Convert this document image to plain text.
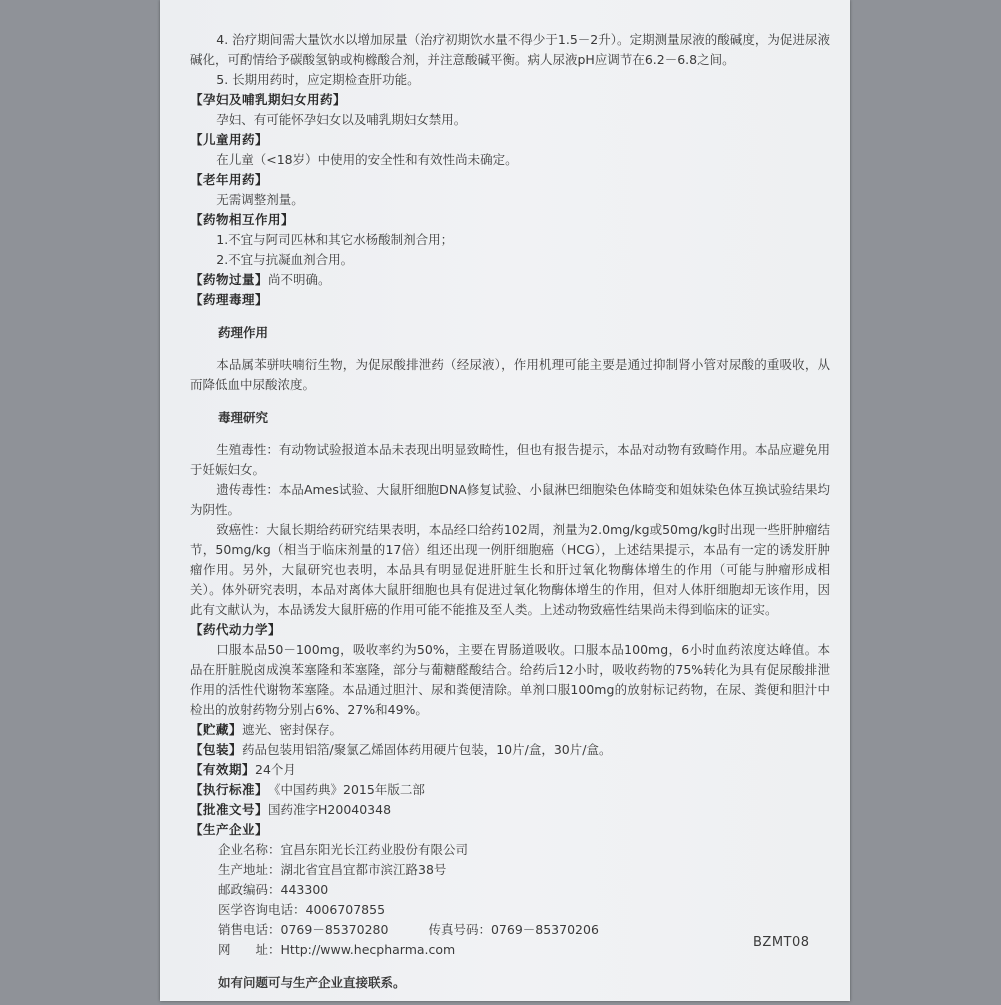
4. 治疗期间需大量饮水以增加尿量（治疗初期饮水量不得少于1.5－2升）。定期测量尿液的酸碱度，为促进尿液碱化，可酌情给予碳酸氢钠或枸橼酸合剂，并注意酸碱平衡。病人尿液pH应调节在6.2－6.8之间。

5. 长期用药时，应定期检查肝功能。

【孕妇及哺乳期妇女用药】

孕妇、有可能怀孕妇女以及哺乳期妇女禁用。

【儿童用药】

在儿童（<18岁）中使用的安全性和有效性尚未确定。

【老年用药】

无需调整剂量。

【药物相互作用】

1.不宜与阿司匹林和其它水杨酸制剂合用；

2.不宜与抗凝血剂合用。

【药物过量】尚不明确。

【药理毒理】

药理作用

本品属苯骈呋喃衍生物，为促尿酸排泄药（经尿液），作用机理可能主要是通过抑制肾小管对尿酸的重吸收，从而降低血中尿酸浓度。

毒理研究

生殖毒性：有动物试验报道本品未表现出明显致畸性，但也有报告提示，本品对动物有致畸作用。本品应避免用于妊娠妇女。

遗传毒性：本品Ames试验、大鼠肝细胞DNA修复试验、小鼠淋巴细胞染色体畸变和姐妹染色体互换试验结果均为阴性。

致癌性：大鼠长期给药研究结果表明，本品经口给药102周，剂量为2.0mg/kg或50mg/kg时出现一些肝肿瘤结节，50mg/kg（相当于临床剂量的17倍）组还出现一例肝细胞癌（HCG），上述结果提示，本品有一定的诱发肝肿瘤作用。另外，大鼠研究也表明，本品具有明显促进肝脏生长和肝过氧化物酶体增生的作用（可能与肿瘤形成相关）。体外研究表明，本品对离体大鼠肝细胞也具有促进过氧化物酶体增生的作用，但对人体肝细胞却无该作用，因此有文献认为，本品诱发大鼠肝癌的作用可能不能推及至人类。上述动物致癌性结果尚未得到临床的证实。

【药代动力学】

口服本品50－100mg，吸收率约为50%，主要在胃肠道吸收。口服本品100mg，6小时血药浓度达峰值。本品在肝脏脱卤成溴苯塞隆和苯塞隆，部分与葡糖醛酸结合。给药后12小时，吸收药物的75%转化为具有促尿酸排泄作用的活性代谢物苯塞隆。本品通过胆汁、尿和粪便清除。单剂口服100mg的放射标记药物，在尿、粪便和胆汁中检出的放射药物分别占6%、27%和49%。

【贮藏】遮光、密封保存。

【包装】药品包装用铝箔/聚氯乙烯固体药用硬片包装，10片/盒，30片/盒。

【有效期】24个月

【执行标准】《中国药典》2015年版二部

【批准文号】国药准字H20040348

【生产企业】

企业名称：宜昌东阳光长江药业股份有限公司

生产地址：湖北省宜昌宜都市滨江路38号

邮政编码：443300

医学咨询电话：4006707855

销售电话：0769－85370280	传真号码：0769－85370206

网　　址：Http://www.hecpharma.com

如有问题可与生产企业直接联系。

BZMT08
